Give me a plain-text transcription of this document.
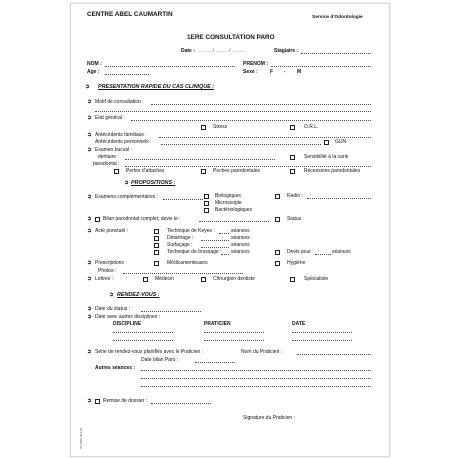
CENTRE ABEL CAUMARTIN	Service d'Odontologie
1ERE CONSULTATION PARO
Date : ........ / ........ / ........	Stagiaire :
NOM :	PRENOM :
Age :	Sexe : F - M
➲ PRESENTATION RAPIDE DU CAS CLINIQUE :
➲ Motif de consultation :
➲ Etat général :
Stress	O.R.L.
➲ Antécédents familiaux :
Antécédents personnels :	GUN
➲ Examen buccal :
dentaire :	Sensibilité à la carie
parodontal :
Pertes d'attaches	Poches parodontales	Récessions parodontales
➲ PROPOSITIONS :
➲ Examens complémentaires :	Biologiques
Microscopie
Bactériologiques
Radio :
➲ Bilan parodontal complet, devis le :	Status
➲ Acte ponctuel :	Technique de Keyes :	séances
Détartrage :	séances
Surfaçage :	séances
Technique de brossage : séances	Devis pour	séances
➲ Prescriptions :	Médicamenteuses	Hygiène
Photos :
➲ Lettres :	Médecin	Chirurgien dentiste	Spécialiste
➲ RENDEZ-VOUS :
➲ Date du status :
➲ Date avec autres disciplines :
DISCIPLINE	PRATICIEN	DATE
➲ Série de rendez-vous planifiés avec le Praticien :	Nom du Praticien :
Date bilan Paro :
Autres séances :
➲ Remise de dossier :
Signature du Praticien :
01-MBD-004-06
